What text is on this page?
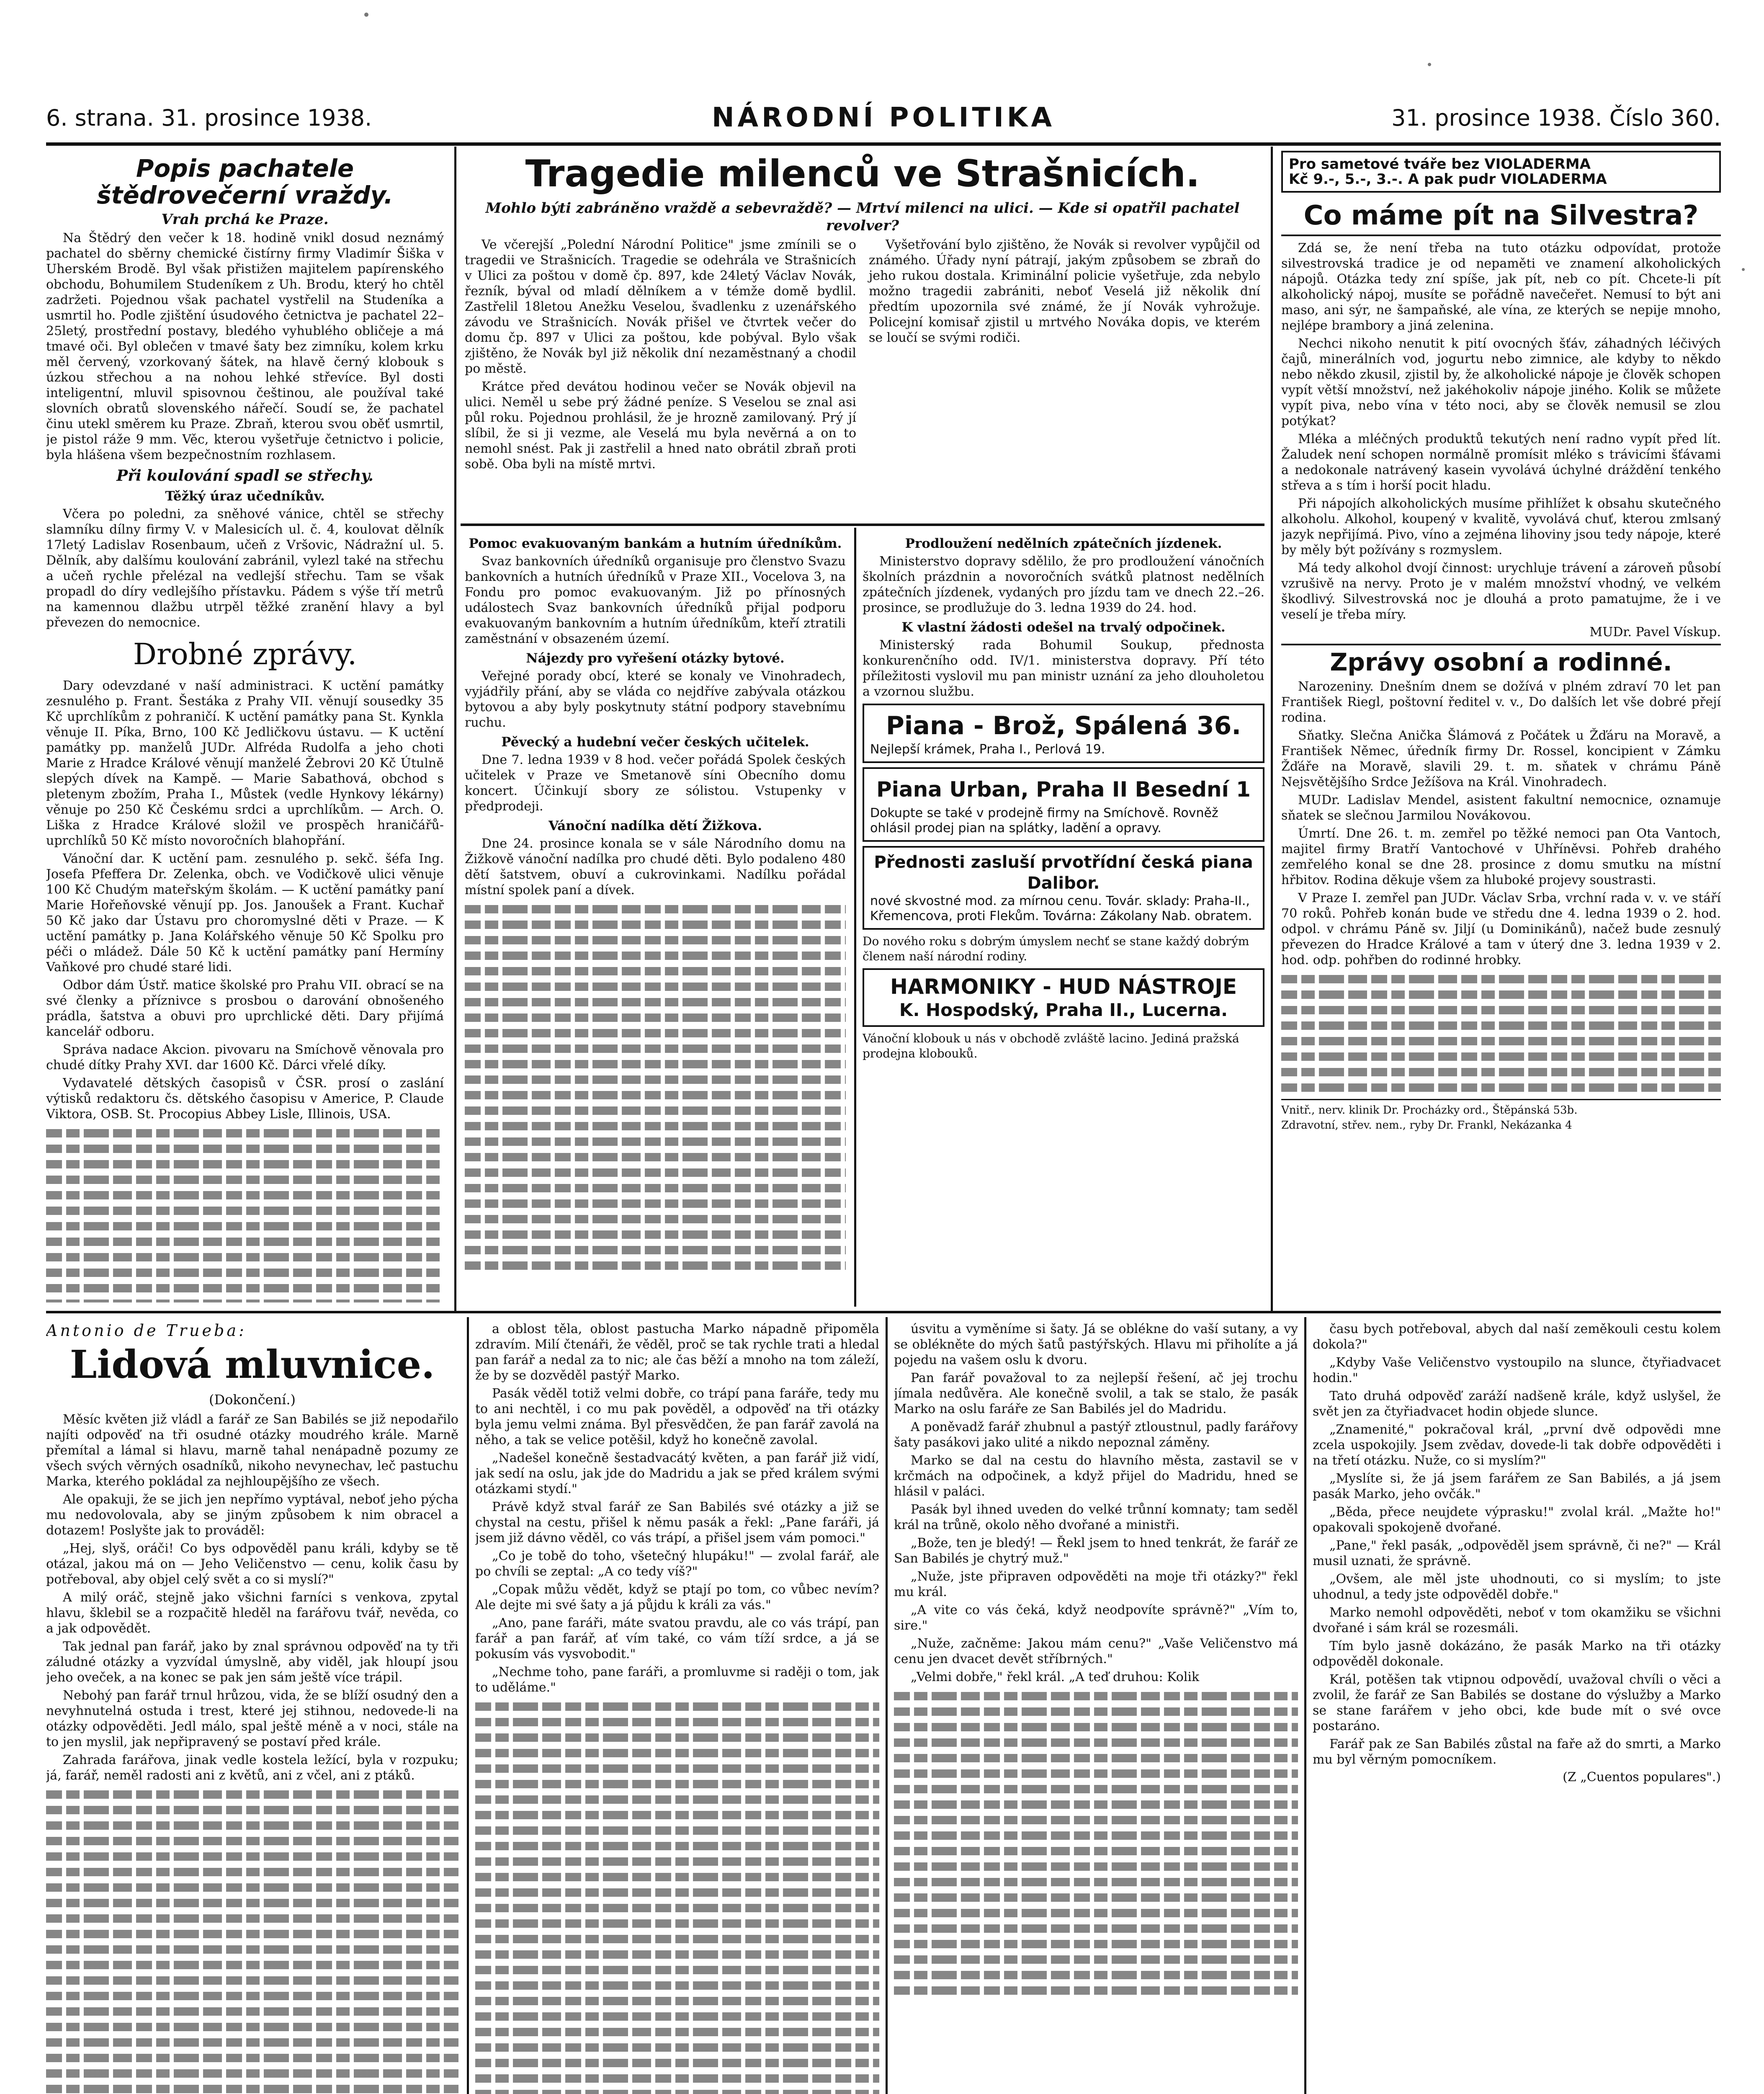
6. strana. 31. prosince 1938.	NÁRODNÍ POLITIKA	31. prosince 1938. Číslo 360.
Popis pachatele
štědrovečerní vraždy.
Vrah prchá ke Praze.

Na Štědrý den večer k 18. hodině vnikl dosud neznámý pachatel do sběrny chemické čistírny firmy Vladimír Šiška v Uherském Brodě. Byl však přistižen majitelem papírenského obchodu, Bohumilem Studeníkem z Uh. Brodu, který ho chtěl zadržeti. Pojednou však pachatel vystřelil na Studeníka a usmrtil ho. Podle zjištění úsudového četnictva je pachatel 22–25letý, prostřední postavy, bledého vyhublého obličeje a má tmavé oči. Byl oblečen v tmavé šaty bez zimníku, kolem krku měl červený, vzorkovaný šátek, na hlavě černý klobouk s úzkou střechou a na nohou lehké střevíce. Byl dosti inteligentní, mluvil spisovnou češtinou, ale používal také slovních obratů slovenského nářečí. Soudí se, že pachatel činu utekl směrem ku Praze. Zbraň, kterou svou oběť usmrtil, je pistol ráže 9 mm. Věc, kterou vyšetřuje četnictvo i policie, byla hlášena všem bezpečnostním rozhlasem.

Při koulování spadl se střechy.
Těžký úraz učedníkův.

Včera po poledni, za sněhové vánice, chtěl se střechy slamníku dílny firmy V. v Malesicích ul. č. 4, koulovat dělník 17letý Ladislav Rosenbaum, učeň z Vršovic, Nádražní ul. 5. Dělník, aby dalšímu koulování zabránil, vylezl také na střechu a učeň rychle přelézal na vedlejší střechu. Tam se však propadl do díry vedlejšího přístavku. Pádem s výše tří metrů na kamennou dlažbu utrpěl těžké zranění hlavy a byl převezen do nemocnice.

Drobné zprávy.

Dary odevzdané v naší administraci. K uctění památky zesnulého p. Frant. Šestáka z Prahy VII. věnují sousedky 35 Kč uprchlíkům z pohraničí. K uctění památky pana St. Kynkla věnuje II. Píka, Brno, 100 Kč Jedličkovu ústavu. — K uctění památky pp. manželů JUDr. Alfréda Rudolfa a jeho choti Marie z Hradce Králové věnují manželé Žebrovi 20 Kč Útulně slepých dívek na Kampě. — Marie Sabathová, obchod s pletenym zbožím, Praha I., Můstek (vedle Hynkovy lékárny) věnuje po 250 Kč Českému srdci a uprchlíkům. — Arch. O. Liška z Hradce Králové složil ve prospěch hraničářů-uprchlíků 50 Kč místo novoročních blahopřání.

Vánoční dar. K uctění pam. zesnulého p. sekč. šéfa Ing. Josefa Pfeffera Dr. Zelenka, obch. ve Vodičkově ulici věnuje 100 Kč Chudým mateřským školám. — K uctění památky paní Marie Hořeňovské věnují pp. Jos. Janoušek a Frant. Kuchař 50 Kč jako dar Ústavu pro choromyslné děti v Praze. — K uctění památky p. Jana Kolářského věnuje 50 Kč Spolku pro péči o mládež. Dále 50 Kč k uctění památky paní Hermíny Vaňkové pro chudé staré lidi.

Odbor dám Ústř. matice školské pro Prahu VII. obrací se na své členky a příznivce s prosbou o darování obnošeného prádla, šatstva a obuvi pro uprchlické děti. Dary přijímá kancelář odboru.

Správa nadace Akcion. pivovaru na Smíchově věnovala pro chudé dítky Prahy XVI. dar 1600 Kč. Dárci vřelé díky.

Vydavatelé dětských časopisů v ČSR. prosí o zaslání výtisků redaktoru čs. dětského časopisu v Americe, P. Claude Viktora, OSB. St. Procopius Abbey Lisle, Illinois, USA.

Tragedie milenců ve Strašnicích.
Mohlo býti zabráněno vraždě a sebevraždě? — Mrtví milenci na ulici. — Kde si opatřil pachatel revolver?

Ve včerejší „Polední Národní Politice" jsme zmínili se o tragedii ve Strašnicích. Tragedie se odehrála ve Strašnicích v Ulici za poštou v domě čp. 897, kde 24letý Václav Novák, řezník, býval od mladí dělníkem a v témže domě bydlil. Zastřelil 18letou Anežku Veselou, švadlenku z uzenářského závodu ve Strašnicích. Novák přišel ve čtvrtek večer do domu čp. 897 v Ulici za poštou, kde pobýval. Bylo však zjištěno, že Novák byl již několik dní nezaměstnaný a chodil po městě.

Krátce před devátou hodinou večer se Novák objevil na ulici. Neměl u sebe prý žádné peníze. S Veselou se znal asi půl roku. Pojednou prohlásil, že je hrozně zamilovaný. Prý jí slíbil, že si ji vezme, ale Veselá mu byla nevěrná a on to nemohl snést. Pak ji zastřelil a hned nato obrátil zbraň proti sobě. Oba byli na místě mrtvi.

Vyšetřování bylo zjištěno, že Novák si revolver vypůjčil od známého. Úřady nyní pátrají, jakým způsobem se zbraň do jeho rukou dostala. Kriminální policie vyšetřuje, zda nebylo možno tragedii zabrániti, neboť Veselá již několik dní předtím upozornila své známé, že jí Novák vyhrožuje. Policejní komisař zjistil u mrtvého Nováka dopis, ve kterém se loučí se svými rodiči.

Pomoc evakuovaným bankám a hutním úředníkům.

Svaz bankovních úředníků organisuje pro členstvo Svazu bankovních a hutních úředníků v Praze XII., Vocelova 3, na Fondu pro pomoc evakuovaným. Již po přínosných událostech Svaz bankovních úředníků přijal podporu evakuovaným bankovním a hutním úředníkům, kteří ztratili zaměstnání v obsazeném území.

Nájezdy pro vyřešení otázky bytové.

Veřejné porady obcí, které se konaly ve Vinohradech, vyjádřily přání, aby se vláda co nejdříve zabývala otázkou bytovou a aby byly poskytnuty státní podpory stavebnímu ruchu.

Pěvecký a hudební večer českých učitelek.

Dne 7. ledna 1939 v 8 hod. večer pořádá Spolek českých učitelek v Praze ve Smetanově síni Obecního domu koncert. Účinkují sbory ze sólistou. Vstupenky v předprodeji.

Vánoční nadílka dětí Žižkova.

Dne 24. prosince konala se v sále Národního domu na Žižkově vánoční nadílka pro chudé děti. Bylo podaleno 480 dětí šatstvem, obuví a cukrovinkami. Nadílku pořádal místní spolek paní a dívek.

Prodloužení nedělních zpátečních jízdenek.

Ministerstvo dopravy sdělilo, že pro prodloužení vánočních školních prázdnin a novoročních svátků platnost nedělních zpátečních jízdenek, vydaných pro jízdu tam ve dnech 22.–26. prosince, se prodlužuje do 3. ledna 1939 do 24. hod.

K vlastní žádosti odešel na trvalý odpočinek.

Ministerský rada Bohumil Soukup, přednosta konkurenčního odd. IV/1. ministerstva dopravy. Pří této příležitosti vyslovil mu pan ministr uznání za jeho dlouholetou a vzornou službu.

Piana - Brož, Spálená 36.
Nejlepší krámek, Praha I., Perlová 19.
Piana Urban, Praha II Besední 1
Dokupte se také v prodejně firmy na Smíchově. Rovněž ohlásil prodej pian na splátky, ladění a opravy.
Přednosti zasluší prvotřídní česká piana Dalibor.
nové skvostné mod. za mírnou cenu. Továr. sklady: Praha-II., Křemencova, proti Flekům. Továrna: Zákolany Nab. obratem.
Do nového roku s dobrým úmyslem nechť se stane každý dobrým členem naší národní rodiny.
HARMONIKY - HUD NÁSTROJE
K. Hospodský, Praha II., Lucerna.
Vánoční klobouk u nás v obchodě zvláště lacino. Jediná pražská prodejna klobouků.
Pro sametové tváře bez VIOLADERMA
Kč 9.-, 5.-, 3.-. A pak pudr VIOLADERMA
Co máme pít na Silvestra?

Zdá se, že není třeba na tuto otázku odpovídat, protože silvestrovská tradice je od nepaměti ve znamení alkoholických nápojů. Otázka tedy zní spíše, jak pít, neb co pít. Chcete-li pít alkoholický nápoj, musíte se pořádně navečeřet. Nemusí to být ani maso, ani sýr, ne šampaňské, ale vína, ze kterých se nepije mnoho, nejlépe brambory a jiná zelenina.

Nechci nikoho nenutit k pití ovocných šťáv, záhadných léčivých čajů, minerálních vod, jogurtu nebo zimnice, ale kdyby to někdo nebo někdo zkusil, zjistil by, že alkoholické nápoje je člověk schopen vypít větší množství, než jakéhokoliv nápoje jiného. Kolik se můžete vypít piva, nebo vína v této noci, aby se člověk nemusil se zlou potýkat?

Mléka a mléčných produktů tekutých není radno vypít před lít. Žaludek není schopen normálně promísit mléko s trávicími šťávami a nedokonale natrávený kasein vyvolává úchylné dráždění tenkého střeva a s tím i horší pocit hladu.

Při nápojích alkoholických musíme přihlížet k obsahu skutečného alkoholu. Alkohol, koupený v kvalitě, vyvolává chuť, kterou zmlsaný jazyk nepřijímá. Pivo, víno a zejména lihoviny jsou tedy nápoje, které by měly být požívány s rozmyslem.

Má tedy alkohol dvojí činnost: urychluje trávení a zároveň působí vzrušivě na nervy. Proto je v malém množství vhodný, ve velkém škodlivý. Silvestrovská noc je dlouhá a proto pamatujme, že i ve veselí je třeba míry.

MUDr. Pavel Vískup.
Zprávy osobní a rodinné.

Narozeniny. Dnešním dnem se dožívá v plném zdraví 70 let pan František Riegl, poštovní ředitel v. v., Do dalších let vše dobré přejí rodina.

Sňatky. Slečna Anička Šlámová z Počátek u Žďáru na Moravě, a František Němec, úředník firmy Dr. Rossel, koncipient v Zámku Žďáře na Moravě, slavili 29. t. m. sňatek v chrámu Páně Nejsvětějšího Srdce Ježíšova na Král. Vinohradech.

MUDr. Ladislav Mendel, asistent fakultní nemocnice, oznamuje sňatek se slečnou Jarmilou Novákovou.

Úmrtí. Dne 26. t. m. zemřel po těžké nemoci pan Ota Vantoch, majitel firmy Bratří Vantochové v Uhříněvsi. Pohřeb drahého zemřelého konal se dne 28. prosince z domu smutku na místní hřbitov. Rodina děkuje všem za hluboké projevy soustrasti.

V Praze I. zemřel pan JUDr. Václav Srba, vrchní rada v. v. ve stáří 70 roků. Pohřeb konán bude ve středu dne 4. ledna 1939 o 2. hod. odpol. v chrámu Páně sv. Jiljí (u Dominikánů), načež bude zesnulý převezen do Hradce Králové a tam v úterý dne 3. ledna 1939 v 2. hod. odp. pohřben do rodinné hrobky.

Vnitř., nerv. klinik Dr. Procházky ord., Štěpánská 53b.
Zdravotní, střev. nem., ryby Dr. Frankl, Nekázanka 4
Antonio de Trueba:
Lidová mluvnice.
(Dokončení.)

Měsíc květen již vládl a farář ze San Babilés se již nepodařilo najíti odpověď na tři osudné otázky moudrého krále. Marně přemítal a lámal si hlavu, marně tahal nenápadně pozumy ze všech svých věrných osadníků, nikoho nevynechav, leč pastuchu Marka, kterého pokládal za nejhloupějšího ze všech.

Ale opakuji, že se jich jen nepřímo vyptával, neboť jeho pýcha mu nedovolovala, aby se jiným způsobem k nim obracel a dotazem! Poslyšte jak to prováděl:

„Hej, slyš, oráči! Co bys odpověděl panu králi, kdyby se tě otázal, jakou má on — Jeho Veličenstvo — cenu, kolik času by potřeboval, aby objel celý svět a co si myslí?"

A milý oráč, stejně jako všichni farníci s venkova, zpytal hlavu, šklebil se a rozpačitě hleděl na farářovu tvář, nevěda, co a jak odpovědět.

Tak jednal pan farář, jako by znal správnou odpověď na ty tři záludné otázky a vyzvídal úmyslně, aby viděl, jak hloupí jsou jeho oveček, a na konec se pak jen sám ještě více trápil.

Nebohý pan farář trnul hrůzou, vida, že se blíží osudný den a nevyhnutelná ostuda i trest, které jej stihnou, nedovede-li na otázky odpověděti. Jedl málo, spal ještě méně a v noci, stále na to jen myslil, jak nepřipravený se postaví před krále.

Zahrada farářova, jinak vedle kostela ležící, byla v rozpuku; já, farář, neměl radosti ani z květů, ani z včel, ani z ptáků.

a oblost těla, oblost pastucha Marko nápadně připoměla zdravím. Milí čtenáři, že věděl, proč se tak rychle trati a hledal pan farář a nedal za to nic; ale čas běží a mnoho na tom záleží, že by se dozvěděl pastýř Marko.

Pasák věděl totiž velmi dobře, co trápí pana faráře, tedy mu to ani nechtěl, i co mu pak pověděl, a odpověď na tři otázky byla jemu velmi známa. Byl přesvědčen, že pan farář zavolá na něho, a tak se velice potěšil, když ho konečně zavolal.

„Nadešel konečně šestadvacátý květen, a pan farář již vidí, jak sedí na oslu, jak jde do Madridu a jak se před králem svými otázkami stydí."

Právě když stval farář ze San Babilés své otázky a již se chystal na cestu, přišel k němu pasák a řekl: „Pane faráři, já jsem již dávno věděl, co vás trápí, a přišel jsem vám pomoci."

„Co je tobě do toho, všetečný hlupáku!" — zvolal farář, ale po chvíli se zeptal: „A co tedy víš?"

„Copak můžu vědět, když se ptají po tom, co vůbec nevím? Ale dejte mi své šaty a já půjdu k králi za vás."

„Ano, pane faráři, máte svatou pravdu, ale co vás trápí, pan farář a pan farář, ať vím také, co vám tíží srdce, a já se pokusím vás vysvobodit."

„Nechme toho, pane faráři, a promluvme si raději o tom, jak to uděláme."

úsvitu a vyměníme si šaty. Já se oblékne do vaší sutany, a vy se oblékněte do mých šatů pastýřských. Hlavu mi přiholíte a já pojedu na vašem oslu k dvoru.

Pan farář považoval to za nejlepší řešení, ač jej trochu jímala nedůvěra. Ale konečně svolil, a tak se stalo, že pasák Marko na oslu faráře ze San Babilés jel do Madridu.

A poněvadž farář zhubnul a pastýř ztloustnul, padly farářovy šaty pasákovi jako ulité a nikdo nepoznal záměny.

Marko se dal na cestu do hlavního města, zastavil se v krčmách na odpočinek, a když přijel do Madridu, hned se hlásil v paláci.

Pasák byl ihned uveden do velké trůnní komnaty; tam seděl král na trůně, okolo něho dvořané a ministři.

„Bože, ten je bledý! — Řekl jsem to hned tenkrát, že farář ze San Babilés je chytrý muž."

„Nuže, jste připraven odpověděti na moje tři otázky?" řekl mu král.

„A vite co vás čeká, když neodpovíte správně?" „Vím to, sire."

„Nuže, začněme: Jakou mám cenu?" „Vaše Veličenstvo má cenu jen dvacet devět stříbrných."

„Velmi dobře," řekl král. „A teď druhou: Kolik

času bych potřeboval, abych dal naší zeměkouli cestu kolem dokola?"

„Kdyby Vaše Veličenstvo vystoupilo na slunce, čtyřiadvacet hodin."

Tato druhá odpověď zaráží nadšeně krále, když uslyšel, že svět jen za čtyřiadvacet hodin objede slunce.

„Znamenité," pokračoval král, „první dvě odpovědi mne zcela uspokojily. Jsem zvědav, dovede-li tak dobře odpověděti i na třetí otázku. Nuže, co si myslím?"

„Myslíte si, že já jsem farářem ze San Babilés, a já jsem pasák Marko, jeho ovčák."

„Běda, přece neujdete výprasku!" zvolal král. „Mažte ho!" opakovali spokojeně dvořané.

„Pane," řekl pasák, „odpověděl jsem správně, či ne?" — Král musil uznati, že správně.

„Ovšem, ale měl jste uhodnouti, co si myslím; to jste uhodnul, a tedy jste odpověděl dobře."

Marko nemohl odpověděti, neboť v tom okamžiku se všichni dvořané i sám král se rozesmáli.

Tím bylo jasně dokázáno, že pasák Marko na tři otázky odpověděl dokonale.

Král, potěšen tak vtipnou odpovědí, uvažoval chvíli o věci a zvolil, že farář ze San Babilés se dostane do výslužby a Marko se stane farářem v jeho obci, kde bude mít o své ovce postaráno.

Farář pak ze San Babilés zůstal na faře až do smrti, a Marko mu byl věrným pomocníkem.

(Z „Cuentos populares".)
